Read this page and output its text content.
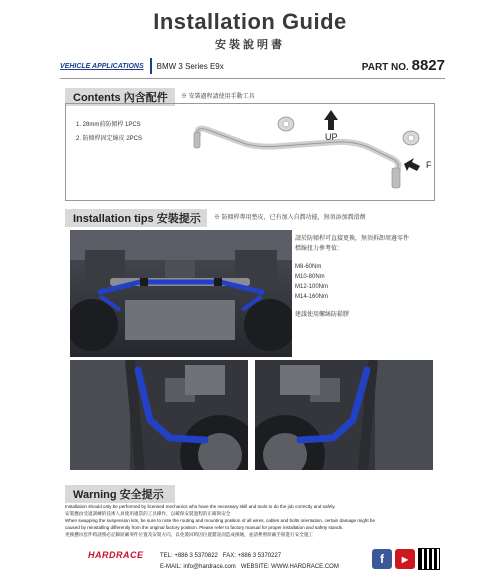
Installation Guide
安裝說明書
VEHICLE APPLICATIONS BMW 3 Series E9x	PART NO. 8827
Contents 內含配件	※ 安裝過程請使用手動工具
1. 28mm前防傾桿 1PCS
2. 防傾桿固定線皮 2PCS	UP
F
Installation tips 安裝提示	※ 防傾桿專用墊皮，已有加入自潤功能，無須添加潤滑劑
請於防傾桿可直接更換，無須拆卸周邊零件
標線扭力參考值：
M8-60Nm
M10-80Nm
M12-100Nm
M14-160Nm
建議使用螺絲防鬆膠
Warning 安全提示
Installation should only be performed by licensed mechanics who have the necessary skill and tools to do the job correctly and safely.
安裝應由受過訓練的技術人員使用適當的工具操作，以確保安裝過程的正確與安全
When swapping the suspension kits, be sure to note the routing and mounting position of all wires, cables and bolts orientation, certain damage might be
caused by reinstalling differently from the original factory position. Please refer to factory manual for proper installation and safety stands.
更換懸吊套件時請務必記錄原廠零件位置及安裝方向，以免裝回時因位置錯誤而造成損壞，並請參照原廠手冊進行安全施工
HARDRACE	TEL: +886 3 5370822 FAX: +886 3 5370227
E-MAIL: info@hardrace.com WEBSITE: WWW.HARDRACE.COM
f	▶
